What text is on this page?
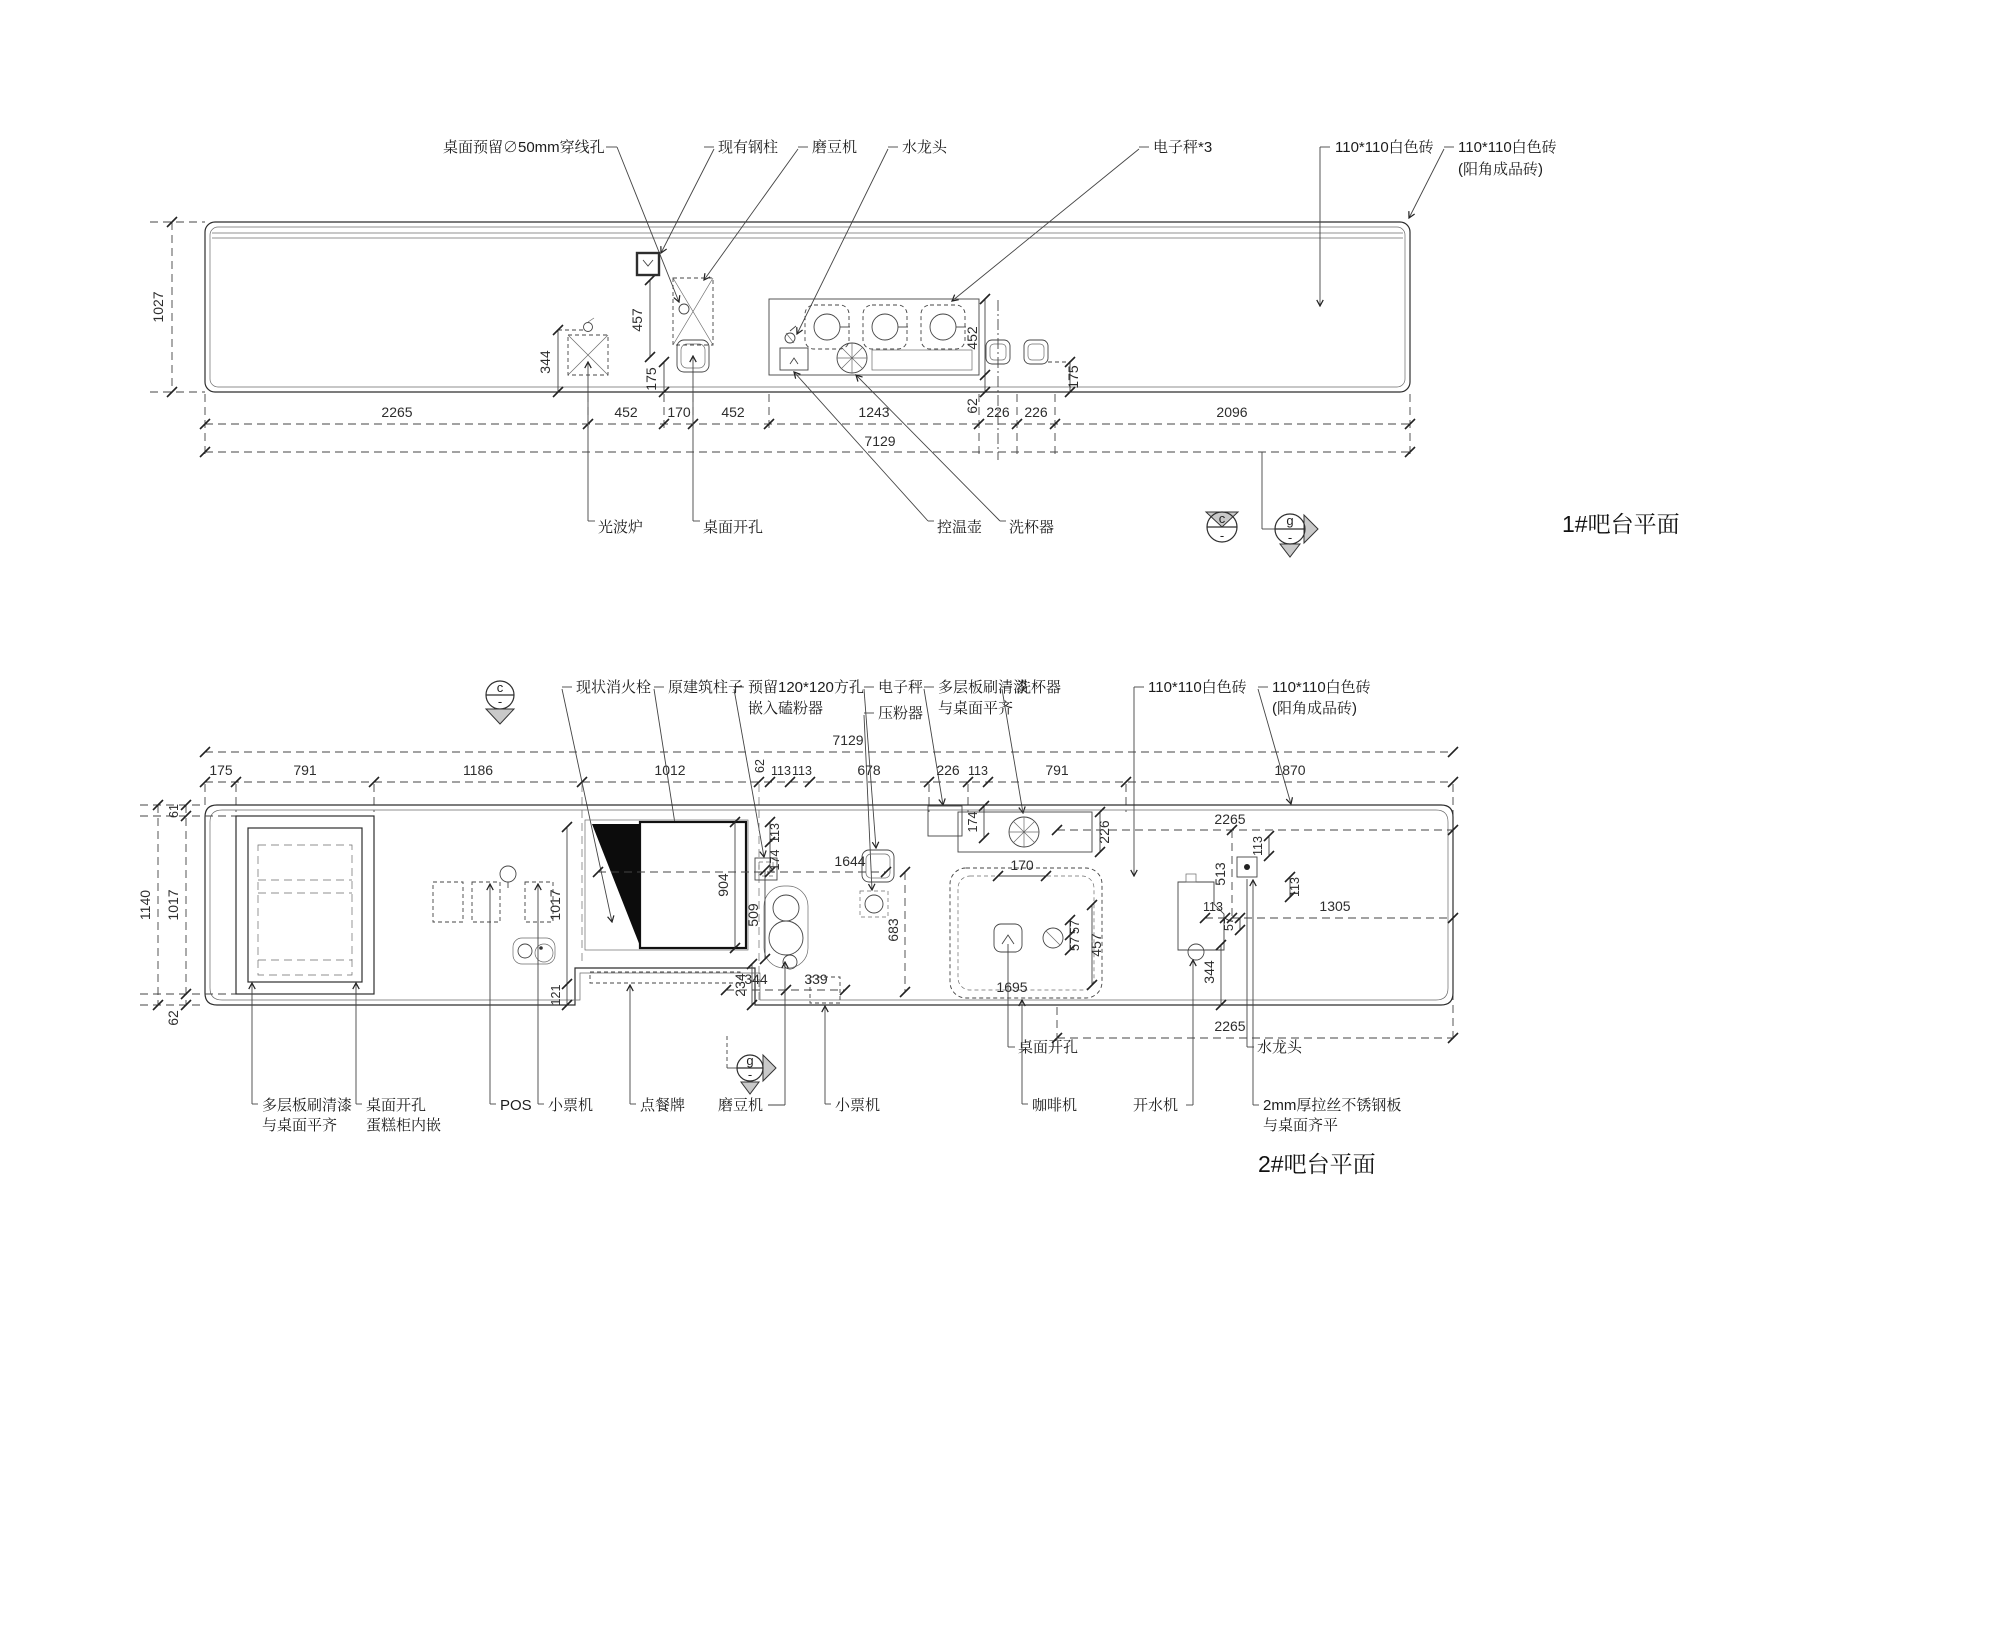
1027
桌面预留∅50mm穿线孔	现有钢柱 磨豆机	水龙头	电子秤*3	110*110白色砖 110*110白色砖
(阳角成品砖)
344
457
175
452
62
175
2265	452 170 452	1243	226 226	2096
7129
光波炉	桌面开孔	控温壶 洗杯器
c
-
g
-
1#吧台平面
现状消火栓 原建筑柱子 预留120*120方孔
嵌入磕粉器
电子秤
压粉器
多层板刷清漆
与桌面平齐
洗杯器	110*110白色砖 110*110白色砖
(阳角成品砖)
c
-
7129
175	791	1186	1012	62 113 113	678	226 113	791	1870
1140
61
1017
62
904
509
1017
121	234
113
174	1644
683
174
170
226
2265
513
113	1305
57
57
344	339	1695
457
344
57
113
113
2265
桌面开孔	水龙头
多层板刷清漆
与桌面平齐
桌面开孔
蛋糕柜内嵌
POS 小票机	点餐牌 磨豆机	小票机	咖啡机	开水机	2mm厚拉丝不锈钢板
与桌面齐平
g
-
2#吧台平面
